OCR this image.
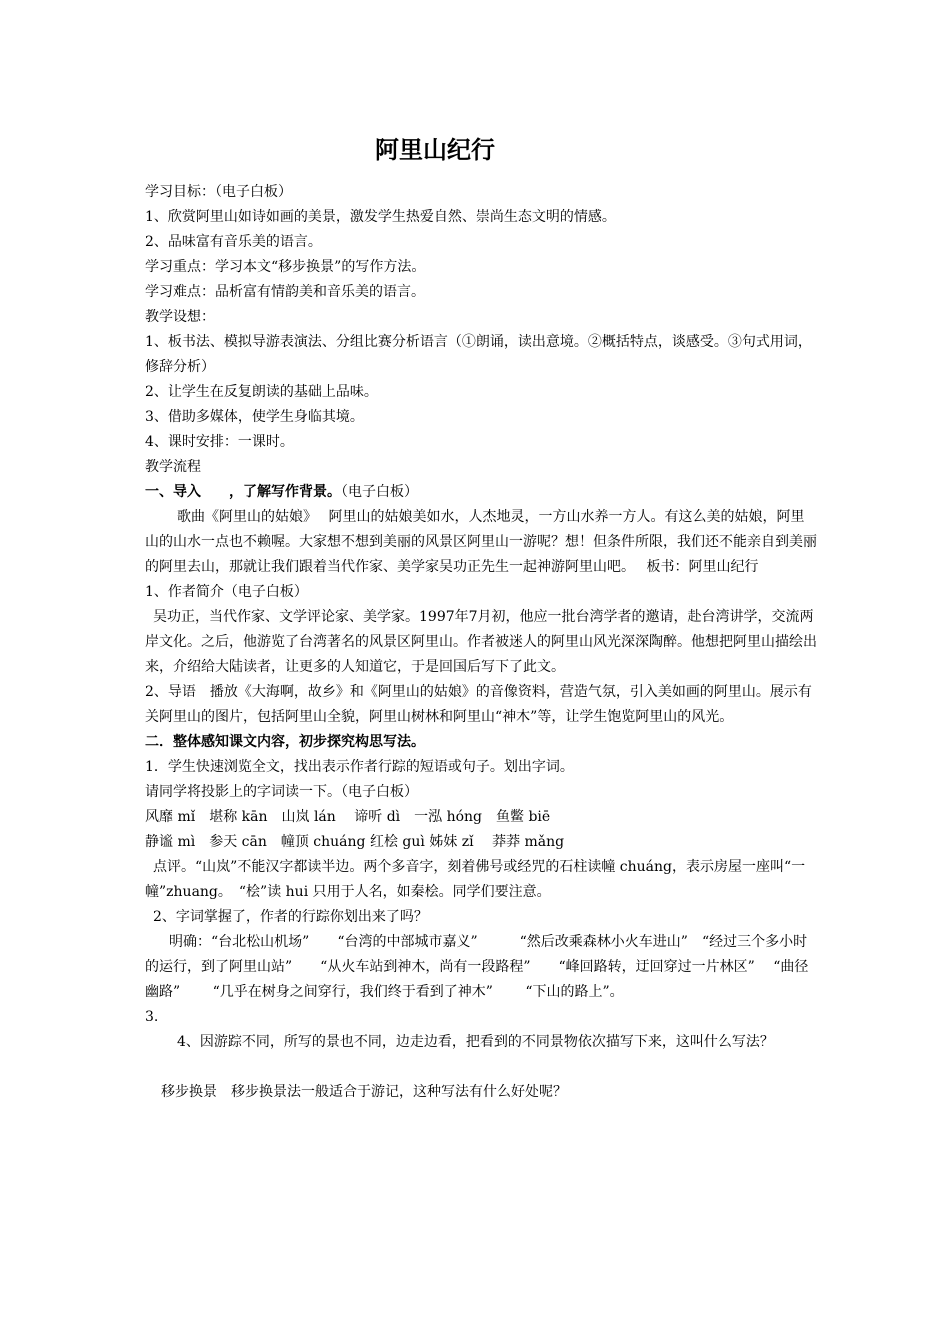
阿里山纪行

学习目标：（电子白板）

1、欣赏阿里山如诗如画的美景，激发学生热爱自然、崇尚生态文明的情感。

2、品味富有音乐美的语言。

学习重点：学习本文“移步换景”的写作方法。

学习难点：品析富有情韵美和音乐美的语言。

教学设想：

1、板书法、模拟导游表演法、分组比赛分析语言（①朗诵，读出意境。②概括特点，谈感受。③句式用词，修辞分析）

2、让学生在反复朗读的基础上品味。

3、借助多媒体，使学生身临其境。

4、课时安排：一课时。

教学流程

一、导入　　，了解写作背景。（电子白板）

歌曲《阿里山的姑娘》　 阿里山的姑娘美如水，人杰地灵，一方山水养一方人。有这么美的姑娘，阿里山的山水一点也不赖喔。大家想不想到美丽的风景区阿里山一游呢？想！但条件所限，我们还不能亲自到美丽的阿里去山，那就让我们跟着当代作家、美学家吴功正先生一起神游阿里山吧。　 板书：阿里山纪行

1、作者简介（电子白板）

吴功正，当代作家、文学评论家、美学家。1997年7月初，他应一批台湾学者的邀请，赴台湾讲学，交流两岸文化。之后，他游览了台湾著名的风景区阿里山。作者被迷人的阿里山风光深深陶醉。他想把阿里山描绘出来，介绍给大陆读者，让更多的人知道它，于是回国后写下了此文。

2、导语　播放《大海啊，故乡》和《阿里山的姑娘》的音像资料，营造气氛，引入美如画的阿里山。展示有关阿里山的图片，包括阿里山全貌，阿里山树林和阿里山“神木”等，让学生饱览阿里山的风光。

二．整体感知课文内容，初步探究构思写法。

1．学生快速浏览全文，找出表示作者行踪的短语或句子。划出字词。

请同学将投影上的字词读一下。（电子白板）

风靡 mǐ　堪称 kān　山岚 lán　 谛听 dì　一泓 hóng　鱼鳖 biē

静谧 mì　参天 cān　幢顶 chuáng 红桧 guì 姊妹 zǐ　 莽莽 mǎng

点评。“山岚”不能汉字都读半边。两个多音字，刻着佛号或经咒的石柱读幢 chuáng，表示房屋一座叫“一幢”zhuang。　“桧”读 hui 只用于人名，如秦桧。同学们要注意。

2、字词掌握了，作者的行踪你划出来了吗？

明确：“台北松山机场”　　“台湾的中部城市嘉义”　　　“然后改乘森林小火车进山”　“经过三个多小时的运行，到了阿里山站”　　“从火车站到神木，尚有一段路程”　　“峰回路转，迂回穿过一片林区”　 “曲径幽路”　　 “几乎在树身之间穿行，我们终于看到了神木”　　 “下山的路上”。

3.

4、因游踪不同，所写的景也不同，边走边看，把看到的不同景物依次描写下来，这叫什么写法？

移步换景　移步换景法一般适合于游记，这种写法有什么好处呢？
